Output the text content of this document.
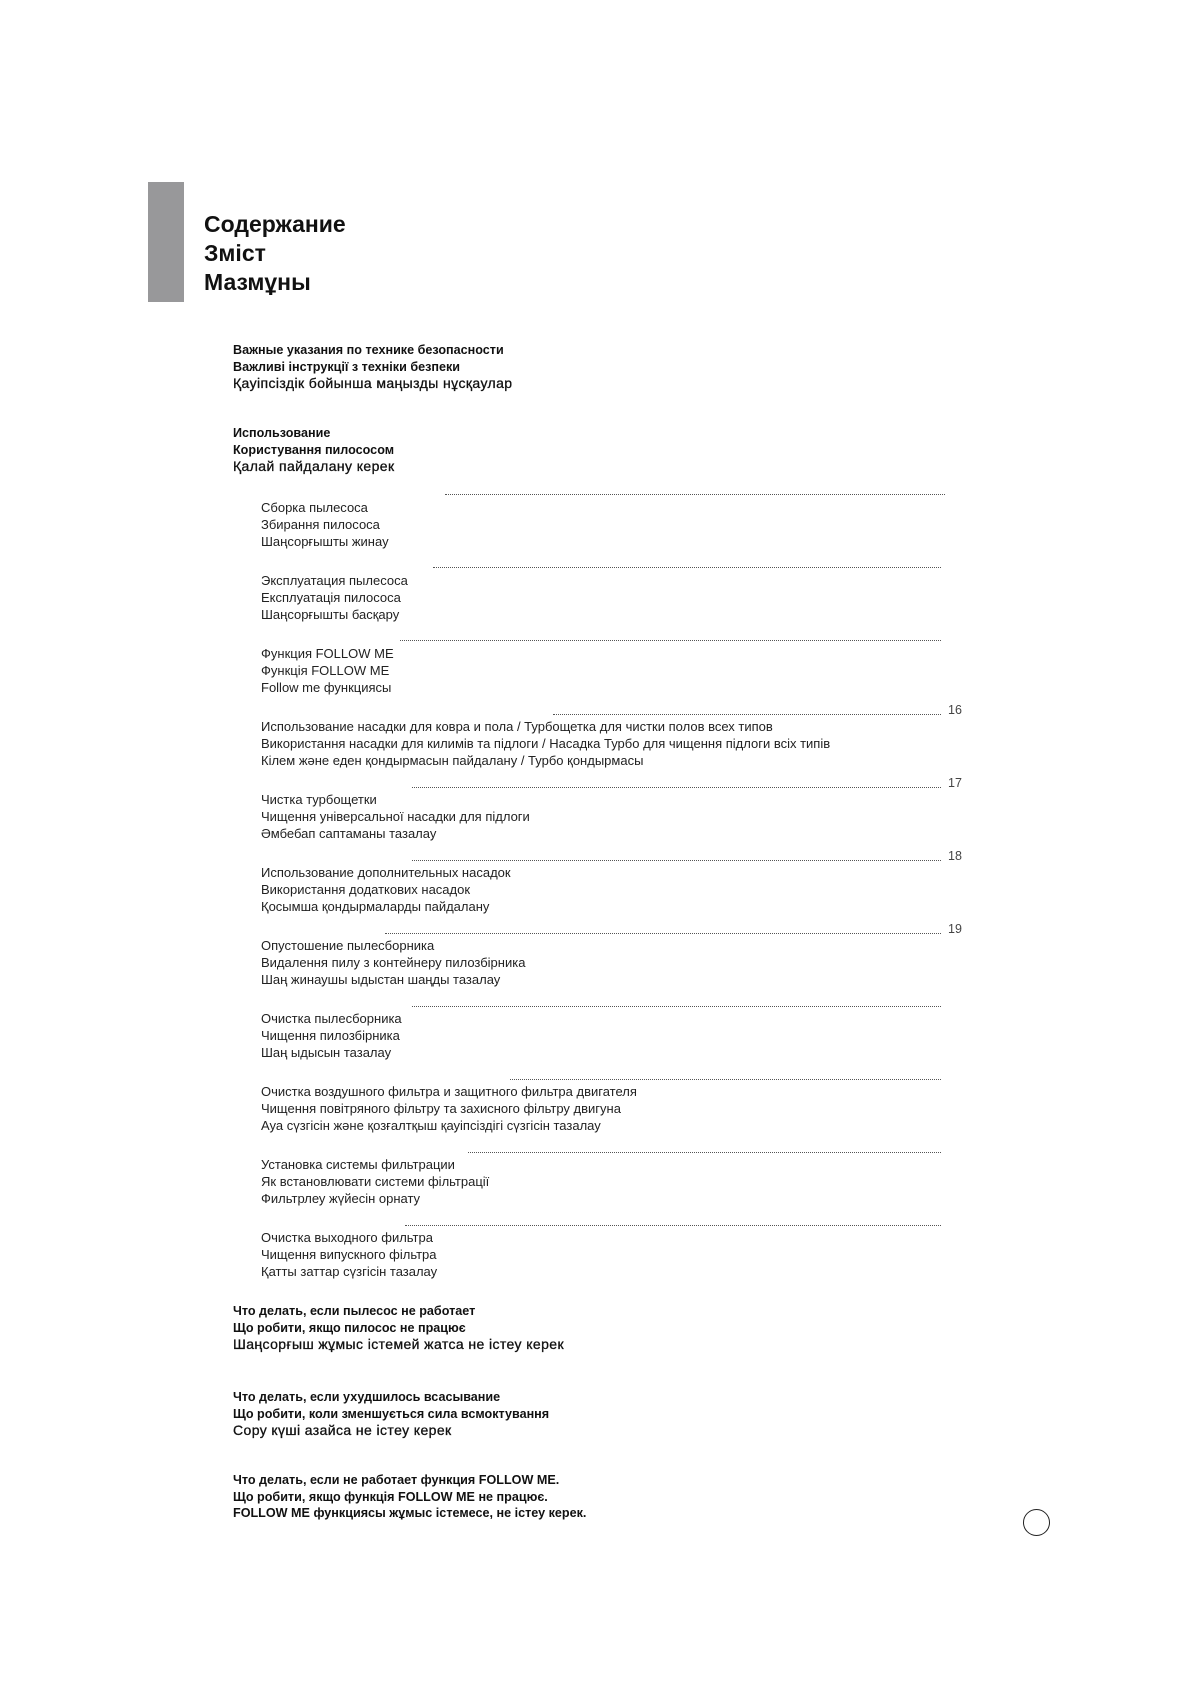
Содержание
Зміст
Мазмұны
Важные указания по технике безопасности
Важливі інструкції з техніки безпеки
Қауіпсіздік бойынша маңызды нұсқаулар
Использование
Користування пилососом
Қалай пайдалану керек
Сборка пылесоса
Збирання пилососа
Шаңсорғышты жинау
Эксплуатация пылесоса
Експлуатація пилососа
Шаңсорғышты басқару
Функция FOLLOW ME
Функція FOLLOW ME
Follow me функциясы
16
Использование насадки для ковра и пола / Турбощетка для чистки полов всех типов
Використання насадки для килимів та підлоги / Насадка Турбо для чищення підлоги всіх типів
Кілем және еден қондырмасын пайдалану / Турбо қондырмасы
17
Чистка турбощетки
Чищення універсальної насадки для підлоги
Әмбебап саптаманы тазалау
18
Использование дополнительных насадок
Використання додаткових насадок
Қосымша қондырмаларды пайдалану
19
Опустошение пылесборника
Видалення пилу з контейнеру пилозбірника
Шаң жинаушы ыдыстан шаңды тазалау
Очистка пылесборника
Чищення пилозбірника
Шаң ыдысын тазалау
Очистка воздушного фильтра и защитного фильтра двигателя
Чищення повітряного фільтру та захисного фільтру двигуна
Ауа сүзгісін және қозғалтқыш қауіпсіздігі сүзгісін тазалау
Установка системы фильтрации
Як встановлювати системи фільтрації
Фильтрлеу жүйесін орнату
Очистка выходного фильтра
Чищення випускного фільтра
Қатты заттар сүзгісін тазалау
Что делать, если пылесос не работает
Що робити, якщо пилосос не працює
Шаңсорғыш жұмыс істемей жатса не істеу керек
Что делать, если ухудшилось всасывание
Що робити, коли зменшується сила всмоктування
Сору күші азайса не істеу керек
Что делать, если не работает функция FOLLOW ME.
Що робити, якщо функція FOLLOW ME не працює.
FOLLOW ME функциясы жұмыс істемесе, не істеу керек.
